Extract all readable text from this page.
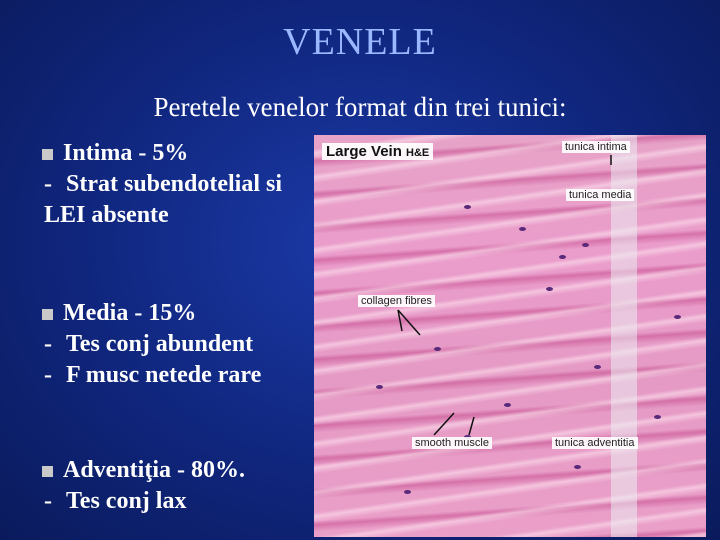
VENELE
Peretele venelor format din trei tunici:
Large Vein H&E	tunica intima
tunica media
collagen fibres
smooth muscle	tunica adventitia
Intima - 5%
- Strat subendotelial si
LEI absente
Media - 15%
- Tes conj abundent
- F musc netede rare
Adventiţia - 80%.
- Tes conj lax
